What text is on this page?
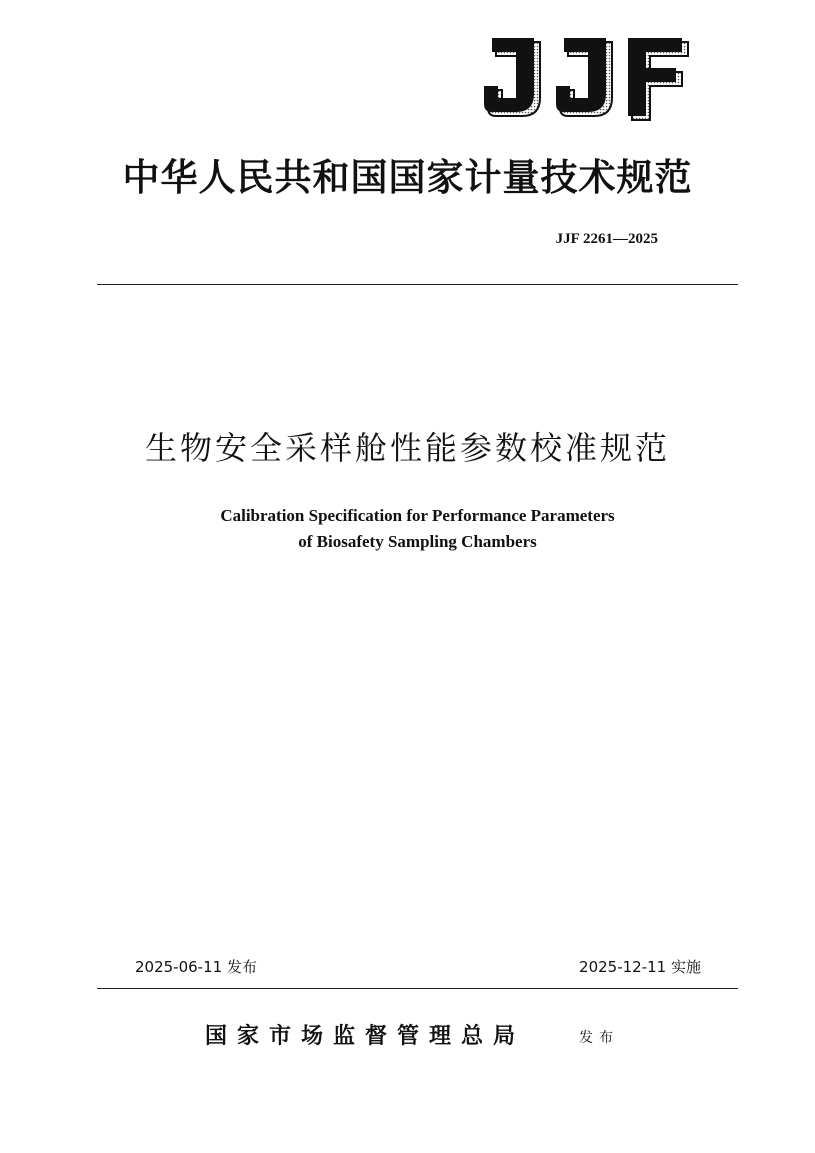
中华人民共和国国家计量技术规范
JJF 2261—2025
生物安全采样舱性能参数校准规范
Calibration Specification for Performance Parameters
of Biosafety Sampling Chambers
2025-06-11 发布	2025-12-11 实施
国家市场监督管理总局	发布
